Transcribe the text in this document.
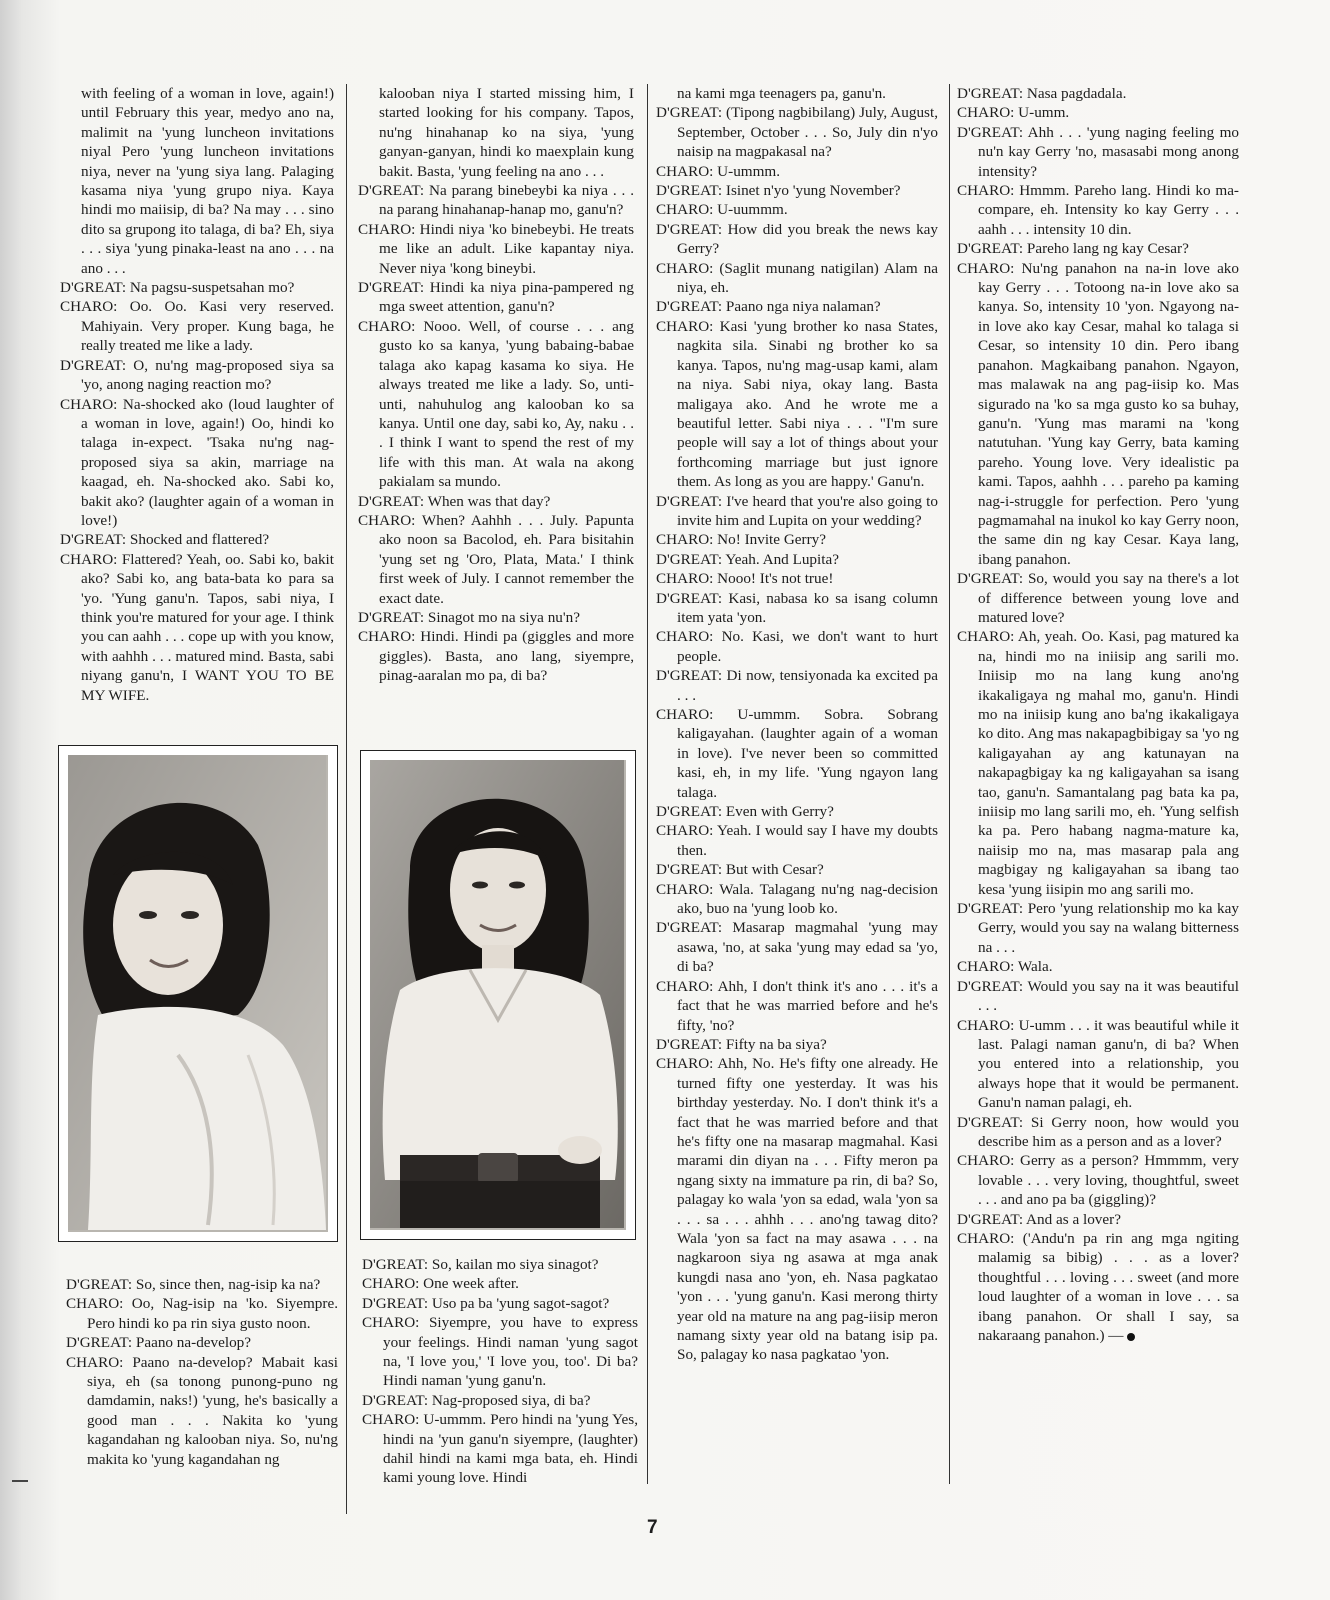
with feeling of a woman in love, again!) until February this year, medyo ano na, malimit na 'yung luncheon invitations niyal Pero 'yung luncheon invitations niya, never na 'yung siya lang. Palaging kasama niya 'yung grupo niya. Kaya hindi mo maiisip, di ba? Na may . . . sino dito sa grupong ito talaga, di ba? Eh, siya . . . siya 'yung pinaka-least na ano . . . na ano . . .

D'GREAT: Na pagsu-suspetsahan mo?

CHARO: Oo. Oo. Kasi very reserved. Mahiyain. Very proper. Kung baga, he really treated me like a lady.

D'GREAT: O, nu'ng mag-proposed siya sa 'yo, anong naging reaction mo?

CHARO: Na-shocked ako (loud laughter of a woman in love, again!) Oo, hindi ko talaga in-expect. 'Tsaka nu'ng nag-proposed siya sa akin, marriage na kaagad, eh. Na-shocked ako. Sabi ko, bakit ako? (laughter again of a woman in love!)

D'GREAT: Shocked and flattered?

CHARO: Flattered? Yeah, oo. Sabi ko, bakit ako? Sabi ko, ang bata-bata ko para sa 'yo. 'Yung ganu'n. Tapos, sabi niya, I think you're matured for your age. I think you can aahh . . . cope up with you know, with aahhh . . . matured mind. Basta, sabi niyang ganu'n, I WANT YOU TO BE MY WIFE.

D'GREAT: So, since then, nag-isip ka na?

CHARO: Oo, Nag-isip na 'ko. Siyempre. Pero hindi ko pa rin siya gusto noon.

D'GREAT: Paano na-develop?

CHARO: Paano na-develop? Mabait kasi siya, eh (sa tonong punong-puno ng damdamin, naks!) 'yung, he's basically a good man . . . Nakita ko 'yung kagandahan ng kalooban niya. So, nu'ng makita ko 'yung kagandahan ng

kalooban niya I started missing him, I started looking for his company. Tapos, nu'ng hinahanap ko na siya, 'yung ganyan-ganyan, hindi ko maexplain kung bakit. Basta, 'yung feeling na ano . . .

D'GREAT: Na parang binebeybi ka niya . . . na parang hinahanap-hanap mo, ganu'n?

CHARO: Hindi niya 'ko binebeybi. He treats me like an adult. Like kapantay niya. Never niya 'kong bineybi.

D'GREAT: Hindi ka niya pina-pampered ng mga sweet attention, ganu'n?

CHARO: Nooo. Well, of course . . . ang gusto ko sa kanya, 'yung babaing-babae talaga ako kapag kasama ko siya. He always treated me like a lady. So, unti-unti, nahuhulog ang kalooban ko sa kanya. Until one day, sabi ko, Ay, naku . . . I think I want to spend the rest of my life with this man. At wala na akong pakialam sa mundo.

D'GREAT: When was that day?

CHARO: When? Aahhh . . . July. Papunta ako noon sa Bacolod, eh. Para bisitahin 'yung set ng 'Oro, Plata, Mata.' I think first week of July. I cannot remember the exact date.

D'GREAT: Sinagot mo na siya nu'n?

CHARO: Hindi. Hindi pa (giggles and more giggles). Basta, ano lang, siyempre, pinag-aaralan mo pa, di ba?

D'GREAT: So, kailan mo siya sinagot?

CHARO: One week after.

D'GREAT: Uso pa ba 'yung sagot-sagot?

CHARO: Siyempre, you have to express your feelings. Hindi naman 'yung sagot na, 'I love you,' 'I love you, too'. Di ba? Hindi naman 'yung ganu'n.

D'GREAT: Nag-proposed siya, di ba?

CHARO: U-ummm. Pero hindi na 'yung Yes, hindi na 'yun ganu'n siyempre, (laughter) dahil hindi na kami mga bata, eh. Hindi kami young love. Hindi

na kami mga teenagers pa, ganu'n.

D'GREAT: (Tipong nagbibilang) July, August, September, October . . . So, July din n'yo naisip na magpakasal na?

CHARO: U-ummm.

D'GREAT: Isinet n'yo 'yung November?

CHARO: U-uummm.

D'GREAT: How did you break the news kay Gerry?

CHARO: (Saglit munang natigilan) Alam na niya, eh.

D'GREAT: Paano nga niya nalaman?

CHARO: Kasi 'yung brother ko nasa States, nagkita sila. Sinabi ng brother ko sa kanya. Tapos, nu'ng mag-usap kami, alam na niya. Sabi niya, okay lang. Basta maligaya ako. And he wrote me a beautiful letter. Sabi niya . . . "I'm sure people will say a lot of things about your forthcoming marriage but just ignore them. As long as you are happy.' Ganu'n.

D'GREAT: I've heard that you're also going to invite him and Lupita on your wedding?

CHARO: No! Invite Gerry?

D'GREAT: Yeah. And Lupita?

CHARO: Nooo! It's not true!

D'GREAT: Kasi, nabasa ko sa isang column item yata 'yon.

CHARO: No. Kasi, we don't want to hurt people.

D'GREAT: Di now, tensiyonada ka excited pa . . .

CHARO: U-ummm. Sobra. Sobrang kaligayahan. (laughter again of a woman in love). I've never been so committed kasi, eh, in my life. 'Yung ngayon lang talaga.

D'GREAT: Even with Gerry?

CHARO: Yeah. I would say I have my doubts then.

D'GREAT: But with Cesar?

CHARO: Wala. Talagang nu'ng nag-decision ako, buo na 'yung loob ko.

D'GREAT: Masarap magmahal 'yung may asawa, 'no, at saka 'yung may edad sa 'yo, di ba?

CHARO: Ahh, I don't think it's ano . . . it's a fact that he was married before and he's fifty, 'no?

D'GREAT: Fifty na ba siya?

CHARO: Ahh, No. He's fifty one already. He turned fifty one yesterday. It was his birthday yesterday. No. I don't think it's a fact that he was married before and that he's fifty one na masarap magmahal. Kasi marami din diyan na . . . Fifty meron pa ngang sixty na immature pa rin, di ba? So, palagay ko wala 'yon sa edad, wala 'yon sa . . . sa . . . ahhh . . . ano'ng tawag dito? Wala 'yon sa fact na may asawa . . . na nagkaroon siya ng asawa at mga anak kungdi nasa ano 'yon, eh. Nasa pagkatao 'yon . . . 'yung ganu'n. Kasi merong thirty year old na mature na ang pag-iisip meron namang sixty year old na batang isip pa. So, palagay ko nasa pagkatao 'yon.

D'GREAT: Nasa pagdadala.

CHARO: U-umm.

D'GREAT: Ahh . . . 'yung naging feeling mo nu'n kay Gerry 'no, masasabi mong anong intensity?

CHARO: Hmmm. Pareho lang. Hindi ko ma-compare, eh. Intensity ko kay Gerry . . . aahh . . . intensity 10 din.

D'GREAT: Pareho lang ng kay Cesar?

CHARO: Nu'ng panahon na na-in love ako kay Gerry . . . Totoong na-in love ako sa kanya. So, intensity 10 'yon. Ngayong na-in love ako kay Cesar, mahal ko talaga si Cesar, so intensity 10 din. Pero ibang panahon. Magkaibang panahon. Ngayon, mas malawak na ang pag-iisip ko. Mas sigurado na 'ko sa mga gusto ko sa buhay, ganu'n. 'Yung mas marami na 'kong natutuhan. 'Yung kay Gerry, bata kaming pareho. Young love. Very idealistic pa kami. Tapos, aahhh . . . pareho pa kaming nag-i-struggle for perfection. Pero 'yung pagmamahal na inukol ko kay Gerry noon, the same din ng kay Cesar. Kaya lang, ibang panahon.

D'GREAT: So, would you say na there's a lot of difference between young love and matured love?

CHARO: Ah, yeah. Oo. Kasi, pag matured ka na, hindi mo na iniisip ang sarili mo. Iniisip mo na lang kung ano'ng ikakaligaya ng mahal mo, ganu'n. Hindi mo na iniisip kung ano ba'ng ikakaligaya ko dito. Ang mas nakapagbibigay sa 'yo ng kaligayahan ay ang katunayan na nakapagbigay ka ng kaligayahan sa isang tao, ganu'n. Samantalang pag bata ka pa, iniisip mo lang sarili mo, eh. 'Yung selfish ka pa. Pero habang nagma-mature ka, naiisip mo na, mas masarap pala ang magbigay ng kaligayahan sa ibang tao kesa 'yung iisipin mo ang sarili mo.

D'GREAT: Pero 'yung relationship mo ka kay Gerry, would you say na walang bitterness na . . .

CHARO: Wala.

D'GREAT: Would you say na it was beautiful . . .

CHARO: U-umm . . . it was beautiful while it last. Palagi naman ganu'n, di ba? When you entered into a relationship, you always hope that it would be permanent. Ganu'n naman palagi, eh.

D'GREAT: Si Gerry noon, how would you describe him as a person and as a lover?

CHARO: Gerry as a person? Hmmmm, very lovable . . . very loving, thoughtful, sweet . . . and ano pa ba (giggling)?

D'GREAT: And as a lover?

CHARO: ('Andu'n pa rin ang mga ngiting malamig sa bibig) . . . as a lover? thoughtful . . . loving . . . sweet (and more loud laughter of a woman in love . . . sa ibang panahon. Or shall I say, sa nakaraang panahon.) —

7
